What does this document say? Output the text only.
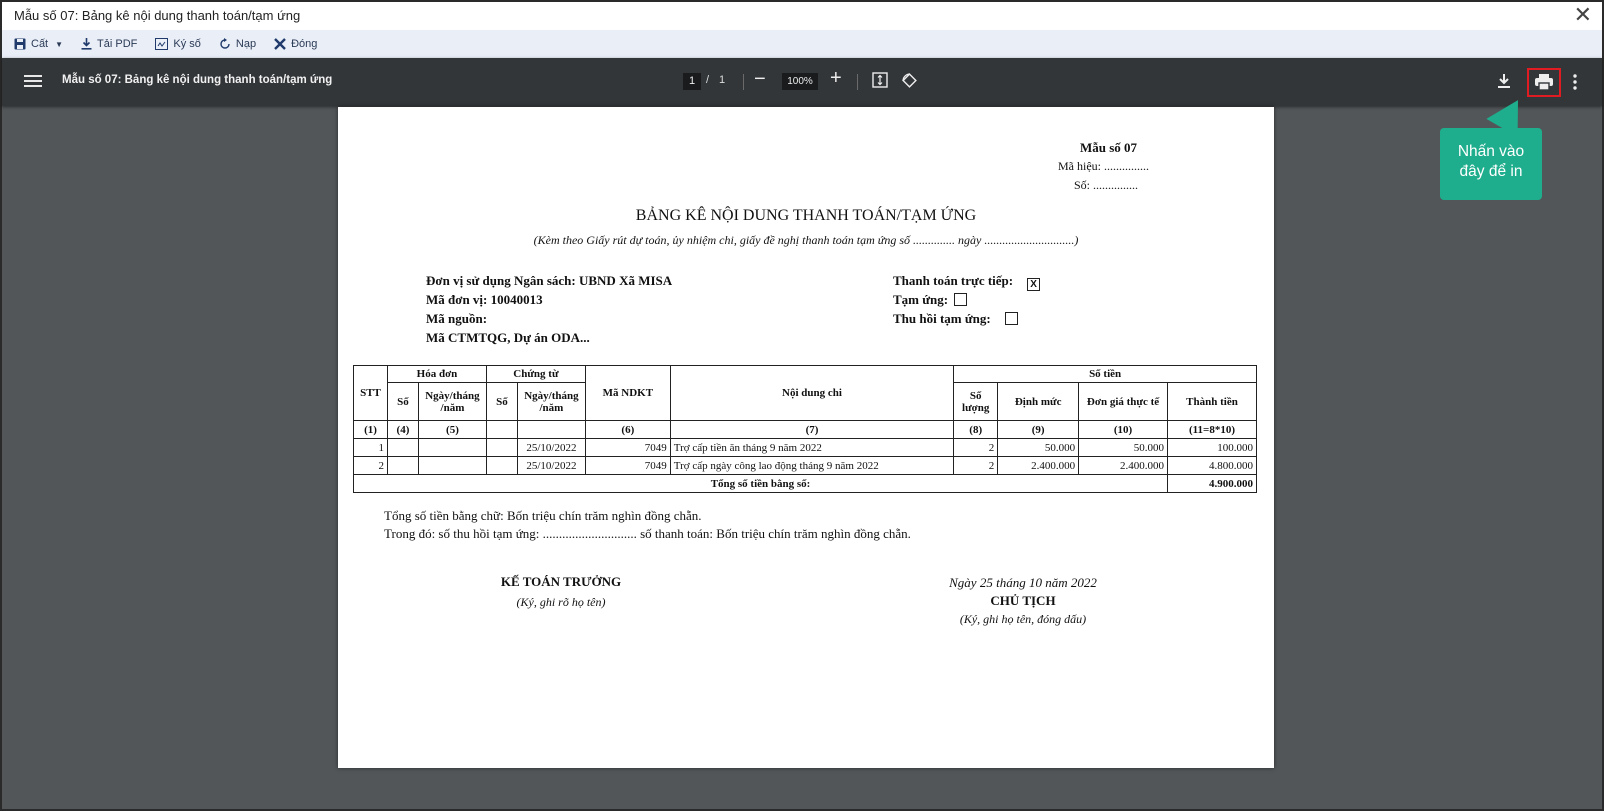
Mẫu số 07: Bảng kê nội dung thanh toán/tạm ứng	✕
Cất ▼	Tải PDF	Ký số	Nạp	Đóng
Mẫu số 07: Bảng kê nội dung thanh toán/tạm ứng	1 / 1 −	100% +
Nhấn vào
đây để in
Mẫu số 07
Mã hiệu: ...............
Số: ...............
BẢNG KÊ NỘI DUNG THANH TOÁN/TẠM ỨNG
(Kèm theo Giấy rút dự toán, ủy nhiệm chi, giấy đề nghị thanh toán tạm ứng số .............. ngày ..............................)
Đơn vị sử dụng Ngân sách: UBND Xã MISA
Mã đơn vị: 10040013
Mã nguồn:
Mã CTMTQG, Dự án ODA...
Thanh toán trực tiếp: X
Tạm ứng:
Thu hồi tạm ứng:
STT	Hóa đơn		Chứng từ		Mã NDKT	Nội dung chi	Số tiền			
	Số	Ngày/tháng /năm	Số	Ngày/tháng /năm			Số lượng	Định mức	Đơn giá thực tế	Thành tiền
(1)	(4)	(5)			(6)	(7)	(8)	(9)	(10)	(11=8*10)
1				25/10/2022	7049	Trợ cấp tiền ăn tháng 9 năm 2022	2	50.000	50.000	100.000
2				25/10/2022	7049	Trợ cấp ngày công lao động tháng 9 năm 2022	2	2.400.000	2.400.000	4.800.000
Tổng số tiền bằng số:										4.900.000
Tổng số tiền bằng chữ: Bốn triệu chín trăm nghìn đồng chẵn.
Trong đó: số thu hồi tạm ứng: ............................. số thanh toán: Bốn triệu chín trăm nghìn đồng chẵn.
KẾ TOÁN TRƯỞNG
(Ký, ghi rõ họ tên)
Ngày 25 tháng 10 năm 2022
CHỦ TỊCH
(Ký, ghi họ tên, đóng dấu)
